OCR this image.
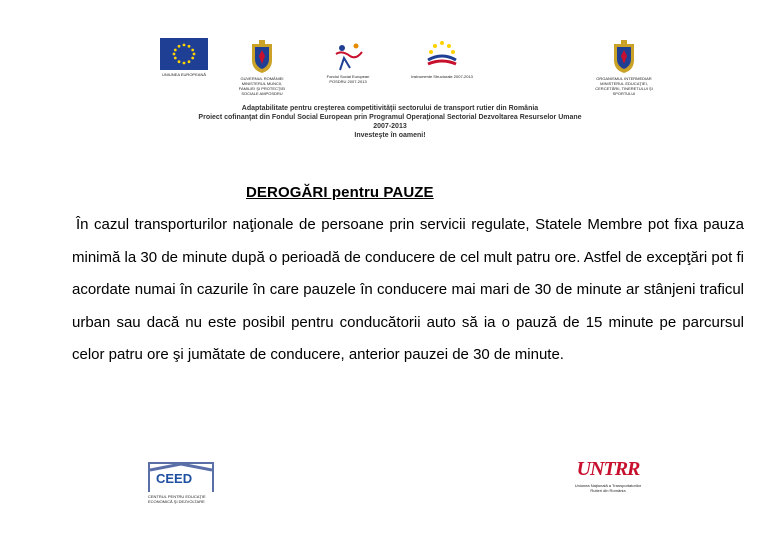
UNIUNEA EUROPEANĂ
GUVERNUL ROMÂNIEI MINISTERUL MUNCII, FAMILIEI ŞI PROTECŢIEI SOCIALE AMPOSDRU
Fondul Social European POSDRU 2007-2013
Instrumente Structurale 2007-2013	ORGANISMUL INTERMEDIAR MINISTERUL EDUCAŢIEI, CERCETĂRII, TINERETULUI ŞI SPORTULUI
Adaptabilitate pentru creşterea competitivităţii sectorului de transport rutier din România
Proiect cofinanţat din Fondul Social European prin Programul Operaţional Sectorial Dezvoltarea Resurselor Umane
2007-2013
Investeşte în oameni!
DEROGĂRI pentru PAUZE

În cazul transporturilor naţionale de persoane prin servicii regulate, Statele Membre pot fixa pauza minimă la 30 de minute după o perioadă de conducere de cel mult patru ore. Astfel de excepţări pot fi acordate numai în cazurile în care pauzele în conducere mai mari de 30 de minute ar stânjeni traficul urban sau dacă nu este posibil pentru conducătorii auto să ia o pauză de 15 minute pe parcursul celor patru ore şi jumătate de conducere, anterior pauzei de 30 de minute.

CEED
CENTRUL PENTRU EDUCAŢIE ECONOMICĂ ŞI DEZVOLTARE
UNTRR
Uniunea Naţională a Transportatorilor Rutieri din România
